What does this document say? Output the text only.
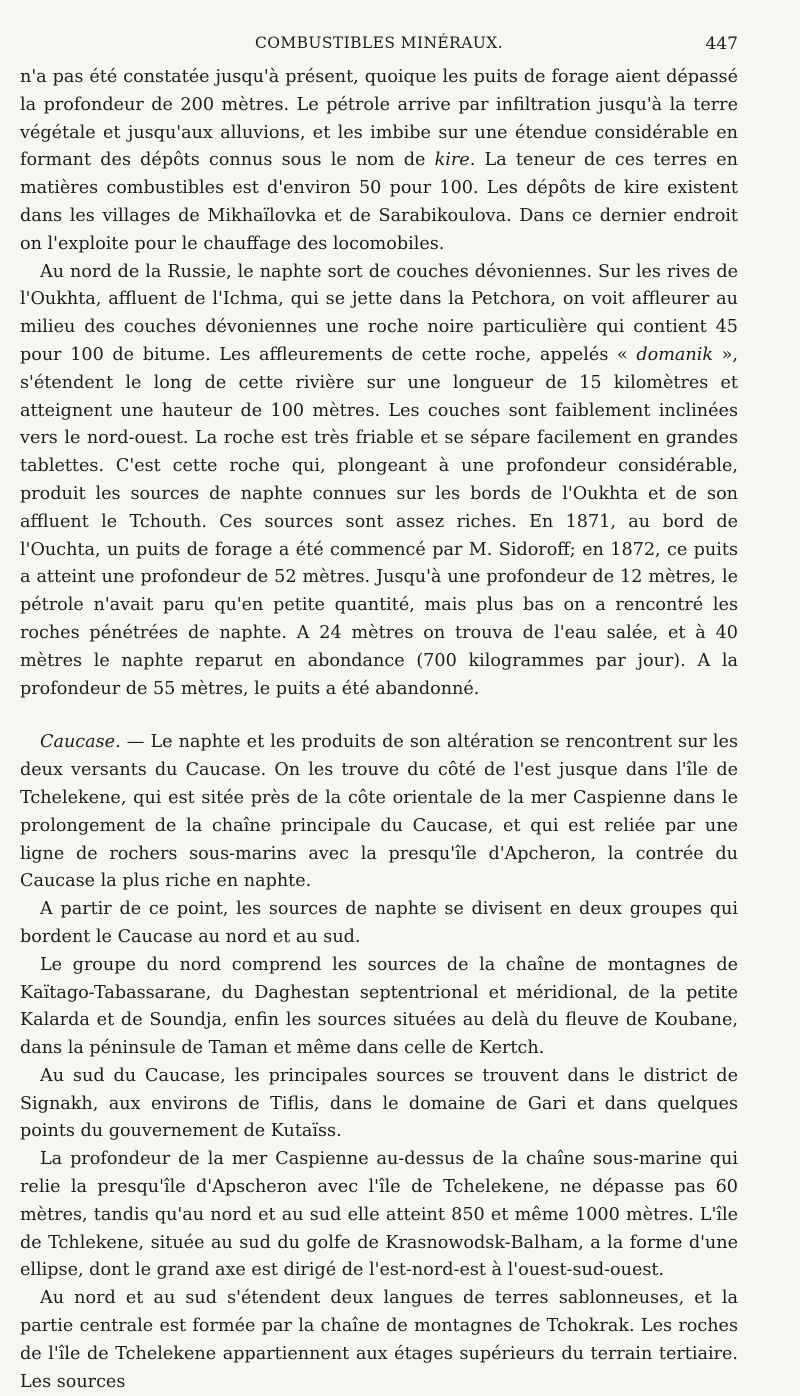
COMBUSTIBLES MINÉRAUX.	447

n'a pas été constatée jusqu'à présent, quoique les puits de forage aient dépassé la profondeur de 200 mètres. Le pétrole arrive par infiltration jusqu'à la terre végétale et jusqu'aux alluvions, et les imbibe sur une étendue considérable en formant des dépôts connus sous le nom de kire. La teneur de ces terres en matières combustibles est d'environ 50 pour 100. Les dépôts de kire existent dans les villages de Mikhaïlovka et de Sarabikoulova. Dans ce dernier endroit on l'exploite pour le chauffage des locomobiles.

Au nord de la Russie, le naphte sort de couches dévoniennes. Sur les rives de l'Oukhta, affluent de l'Ichma, qui se jette dans la Petchora, on voit affleurer au milieu des couches dévoniennes une roche noire particulière qui contient 45 pour 100 de bitume. Les affleurements de cette roche, appelés « domanik », s'étendent le long de cette rivière sur une longueur de 15 kilomètres et atteignent une hauteur de 100 mètres. Les couches sont faiblement inclinées vers le nord-ouest. La roche est très friable et se sépare facilement en grandes tablettes. C'est cette roche qui, plongeant à une profondeur considérable, produit les sources de naphte connues sur les bords de l'Oukhta et de son affluent le Tchouth. Ces sources sont assez riches. En 1871, au bord de l'Ouchta, un puits de forage a été commencé par M. Sidoroff; en 1872, ce puits a atteint une profondeur de 52 mètres. Jusqu'à une profondeur de 12 mètres, le pétrole n'avait paru qu'en petite quantité, mais plus bas on a rencontré les roches pénétrées de naphte. A 24 mètres on trouva de l'eau salée, et à 40 mètres le naphte reparut en abondance (700 kilogrammes par jour). A la profondeur de 55 mètres, le puits a été abandonné.

Caucase. — Le naphte et les produits de son altération se rencontrent sur les deux versants du Caucase. On les trouve du côté de l'est jusque dans l'île de Tchelekene, qui est sitée près de la côte orientale de la mer Caspienne dans le prolongement de la chaîne principale du Caucase, et qui est reliée par une ligne de rochers sous-marins avec la presqu'île d'Apcheron, la contrée du Caucase la plus riche en naphte.

A partir de ce point, les sources de naphte se divisent en deux groupes qui bordent le Caucase au nord et au sud.

Le groupe du nord comprend les sources de la chaîne de montagnes de Kaïtago-Tabassarane, du Daghestan septentrional et méridional, de la petite Kalarda et de Soundja, enfin les sources situées au delà du fleuve de Koubane, dans la péninsule de Taman et même dans celle de Kertch.

Au sud du Caucase, les principales sources se trouvent dans le district de Signakh, aux environs de Tiflis, dans le domaine de Gari et dans quelques points du gouvernement de Kutaïss.

La profondeur de la mer Caspienne au-dessus de la chaîne sous-marine qui relie la presqu'île d'Apscheron avec l'île de Tchelekene, ne dépasse pas 60 mètres, tandis qu'au nord et au sud elle atteint 850 et même 1000 mètres. L'île de Tchlekene, située au sud du golfe de Krasnowodsk-Balham, a la forme d'une ellipse, dont le grand axe est dirigé de l'est-nord-est à l'ouest-sud-ouest.

Au nord et au sud s'étendent deux langues de terres sablonneuses, et la partie centrale est formée par la chaîne de montagnes de Tchokrak. Les roches de l'île de Tchelekene appartiennent aux étages supérieurs du terrain tertiaire. Les sources
